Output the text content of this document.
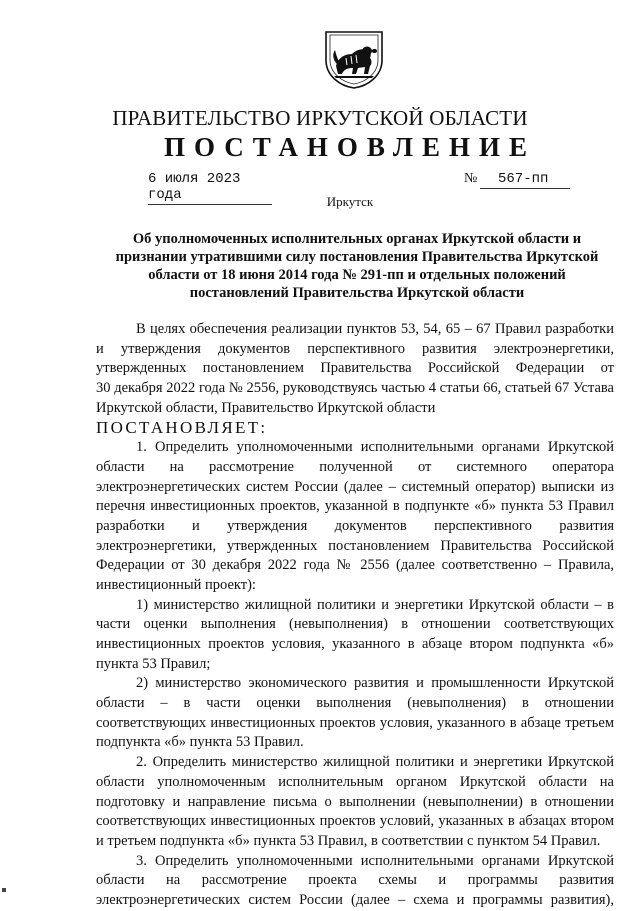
ПРАВИТЕЛЬСТВО ИРКУТСКОЙ ОБЛАСТИ
ПОСТАНОВЛЕНИЕ
6 июля 2023 года
№	567-пп
Иркутск
Об уполномоченных исполнительных органах Иркутской области и
признании утратившими силу постановления Правительства Иркутской
области от 18 июня 2014 года № 291-пп и отдельных положений
постановлений Правительства Иркутской области
В целях обеспечения реализации пунктов 53, 54, 65 – 67 Правил разработки
и утверждения документов перспективного развития электроэнергетики,
утвержденных постановлением Правительства Российской Федерации от
30 декабря 2022 года № 2556, руководствуясь частью 4 статьи 66, статьей 67 Устава
Иркутской области, Правительство Иркутской области
ПОСТАНОВЛЯЕТ:
1. Определить уполномоченными исполнительными органами Иркутской
области на рассмотрение полученной от системного оператора
электроэнергетических систем России (далее – системный оператор) выписки из
перечня инвестиционных проектов, указанной в подпункте «б» пункта 53 Правил
разработки и утверждения документов перспективного развития
электроэнергетики, утвержденных постановлением Правительства Российской
Федерации от 30 декабря 2022 года № 2556 (далее соответственно – Правила,
инвестиционный проект):
1) министерство жилищной политики и энергетики Иркутской области – в
части оценки выполнения (невыполнения) в отношении соответствующих
инвестиционных проектов условия, указанного в абзаце втором подпункта «б»
пункта 53 Правил;
2) министерство экономического развития и промышленности Иркутской
области – в части оценки выполнения (невыполнения) в отношении
соответствующих инвестиционных проектов условия, указанного в абзаце третьем
подпункта «б» пункта 53 Правил.
2. Определить министерство жилищной политики и энергетики Иркутской
области уполномоченным исполнительным органом Иркутской области на
подготовку и направление письма о выполнении (невыполнении) в отношении
соответствующих инвестиционных проектов условий, указанных в абзацах втором
и третьем подпункта «б» пункта 53 Правил, в соответствии с пунктом 54 Правил.
3. Определить уполномоченными исполнительными органами Иркутской
области на рассмотрение проекта схемы и программы развития
электроэнергетических систем России (далее – схема и программы развития),
